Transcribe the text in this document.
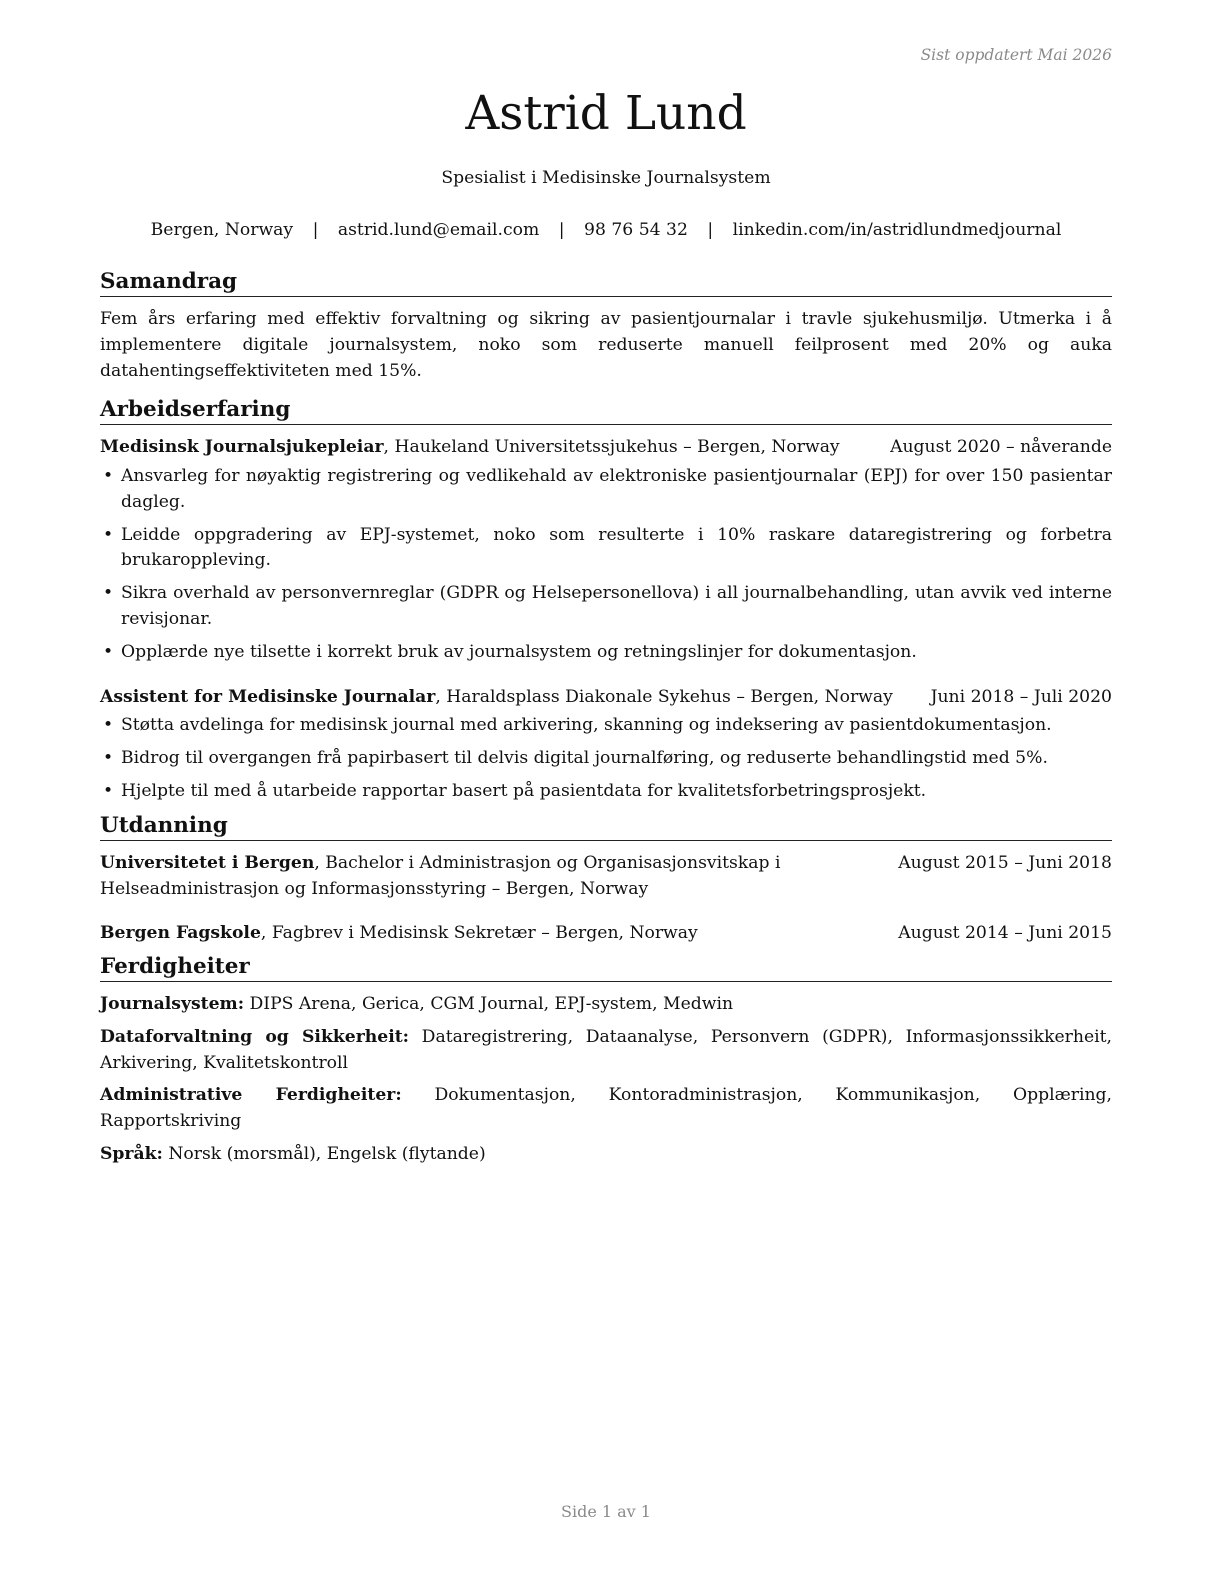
Sist oppdatert Mai 2026
Astrid Lund
Spesialist i Medisinske Journalsystem
Bergen, Norway | astrid.lund@email.com | 98 76 54 32 | linkedin.com/in/astridlundmedjournal
Samandrag

Fem års erfaring med effektiv forvaltning og sikring av pasientjournalar i travle sjukehusmiljø. Utmerka i å implementere digitale journalsystem, noko som reduserte manuell feilprosent med 20% og auka datahentingseffektiviteten med 15%.

Arbeidserfaring
Medisinsk Journalsjukepleiar, Haukeland Universitetssjukehus – Bergen, Norway	August 2020 – nåverande
• Ansvarleg for nøyaktig registrering og vedlikehald av elektroniske pasientjournalar (EPJ) for over 150 pasientar dagleg.
• Leidde oppgradering av EPJ-systemet, noko som resulterte i 10% raskare dataregistrering og forbetra brukaroppleving.
• Sikra overhald av personvernreglar (GDPR og Helsepersonellova) i all journalbehandling, utan avvik ved interne revisjonar.
• Opplærde nye tilsette i korrekt bruk av journalsystem og retningslinjer for dokumentasjon.
Assistent for Medisinske Journalar, Haraldsplass Diakonale Sykehus – Bergen, Norway	Juni 2018 – Juli 2020
• Støtta avdelinga for medisinsk journal med arkivering, skanning og indeksering av pasientdokumentasjon.
• Bidrog til overgangen frå papirbasert til delvis digital journalføring, og reduserte behandlingstid med 5%.
• Hjelpte til med å utarbeide rapportar basert på pasientdata for kvalitetsforbetringsprosjekt.
Utdanning
Universitetet i Bergen, Bachelor i Administrasjon og Organisasjonsvitskap i Helseadministrasjon og Informasjonsstyring – Bergen, Norway
August 2015 – Juni 2018
Bergen Fagskole, Fagbrev i Medisinsk Sekretær – Bergen, Norway	August 2014 – Juni 2015
Ferdigheiter

Journalsystem: DIPS Arena, Gerica, CGM Journal, EPJ-system, Medwin

Dataforvaltning og Sikkerheit: Dataregistrering, Dataanalyse, Personvern (GDPR), Informasjonssikkerheit, Arkivering, Kvalitetskontroll

Administrative Ferdigheiter: Dokumentasjon, Kontoradministrasjon, Kommunikasjon, Opplæring, Rapportskriving

Språk: Norsk (morsmål), Engelsk (flytande)

Side 1 av 1
